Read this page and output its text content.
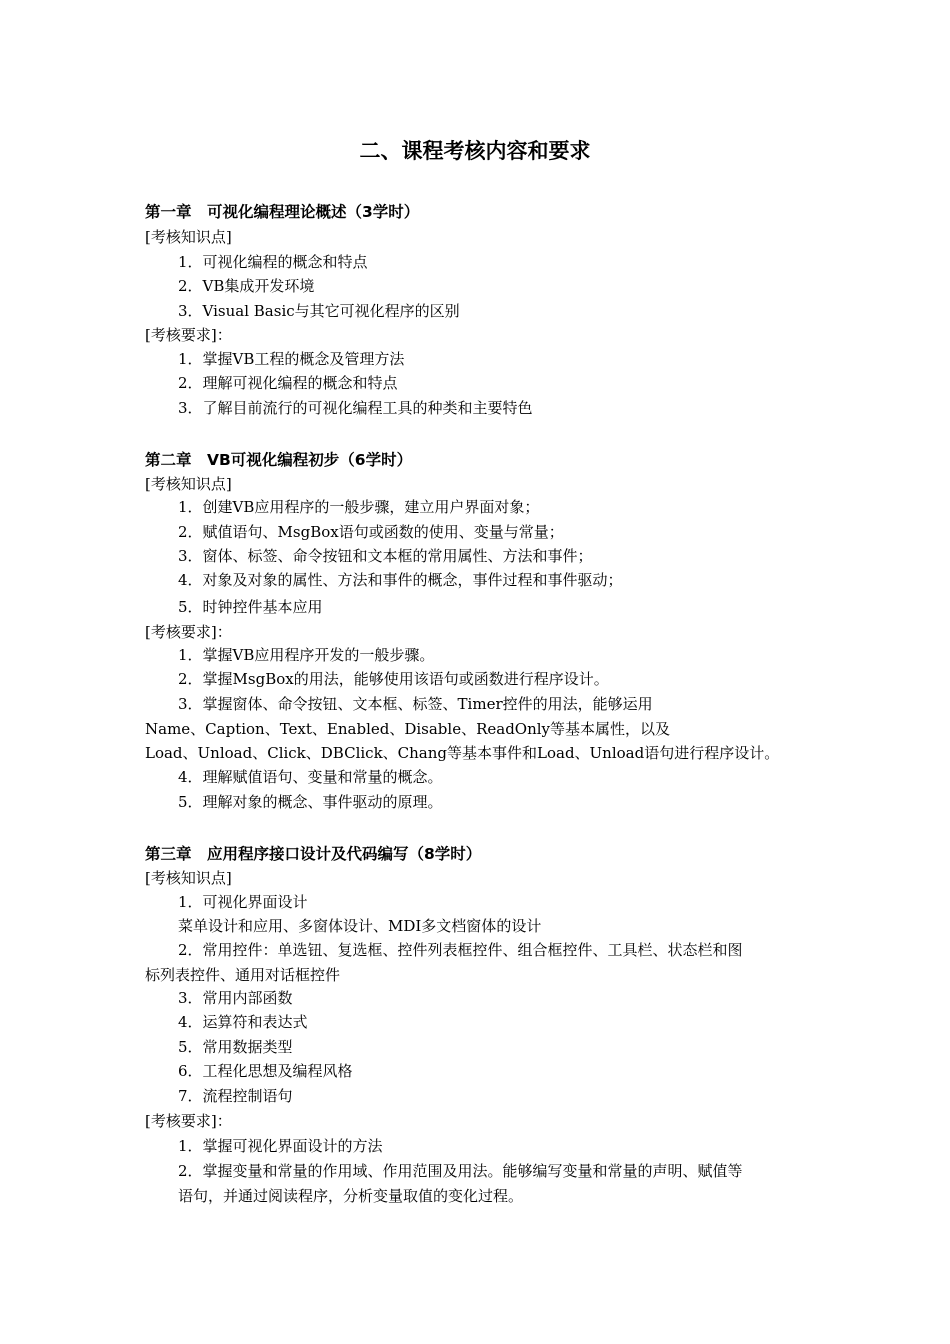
二、课程考核内容和要求
第一章　可视化编程理论概述（3学时）
[考核知识点]
1．可视化编程的概念和特点
2．VB集成开发环境
3．Visual Basic与其它可视化程序的区别
[考核要求]：
1．掌握VB工程的概念及管理方法
2．理解可视化编程的概念和特点
3．了解目前流行的可视化编程工具的种类和主要特色
第二章　VB可视化编程初步（6学时）
[考核知识点]
1．创建VB应用程序的一般步骤，建立用户界面对象；
2．赋值语句、MsgBox语句或函数的使用、变量与常量；
3．窗体、标签、命令按钮和文本框的常用属性、方法和事件；
4．对象及对象的属性、方法和事件的概念，事件过程和事件驱动；
5．时钟控件基本应用
[考核要求]：
1．掌握VB应用程序开发的一般步骤。
2．掌握MsgBox的用法，能够使用该语句或函数进行程序设计。
3．掌握窗体、命令按钮、文本框、标签、Timer控件的用法，能够运用
Name、Caption、Text、Enabled、Disable、ReadOnly等基本属性，以及
Load、Unload、Click、DBClick、Chang等基本事件和Load、Unload语句进行程序设计。
4．理解赋值语句、变量和常量的概念。
5．理解对象的概念、事件驱动的原理。
第三章　应用程序接口设计及代码编写（8学时）
[考核知识点]
1．可视化界面设计
菜单设计和应用、多窗体设计、MDI多文档窗体的设计
2．常用控件：单选钮、复选框、控件列表框控件、组合框控件、工具栏、状态栏和图
标列表控件、通用对话框控件
3．常用内部函数
4．运算符和表达式
5．常用数据类型
6．工程化思想及编程风格
7．流程控制语句
[考核要求]：
1．掌握可视化界面设计的方法
2．掌握变量和常量的作用域、作用范围及用法。能够编写变量和常量的声明、赋值等
语句，并通过阅读程序，分析变量取值的变化过程。
